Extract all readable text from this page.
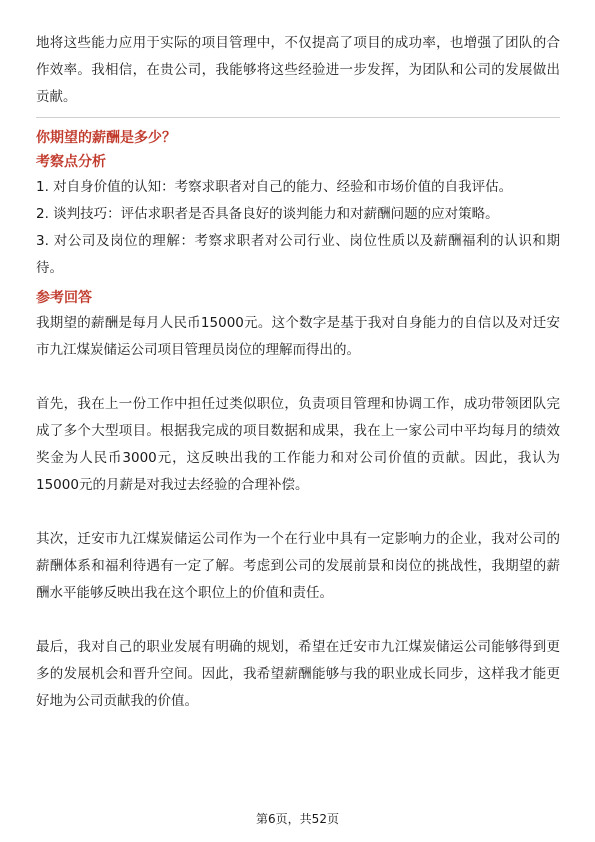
地将这些能力应用于实际的项目管理中，不仅提高了项目的成功率，也增强了团队的合作效率。我相信，在贵公司，我能够将这些经验进一步发挥，为团队和公司的发展做出贡献。

你期望的薪酬是多少？

考察点分析

1. 对自身价值的认知：考察求职者对自己的能力、经验和市场价值的自我评估。
2. 谈判技巧：评估求职者是否具备良好的谈判能力和对薪酬问题的应对策略。
3. 对公司及岗位的理解：考察求职者对公司行业、岗位性质以及薪酬福利的认识和期待。

参考回答

我期望的薪酬是每月人民币15000元。这个数字是基于我对自身能力的自信以及对迁安市九江煤炭储运公司项目管理员岗位的理解而得出的。

首先，我在上一份工作中担任过类似职位，负责项目管理和协调工作，成功带领团队完成了多个大型项目。根据我完成的项目数据和成果，我在上一家公司中平均每月的绩效奖金为人民币3000元，这反映出我的工作能力和对公司价值的贡献。因此，我认为15000元的月薪是对我过去经验的合理补偿。

其次，迁安市九江煤炭储运公司作为一个在行业中具有一定影响力的企业，我对公司的薪酬体系和福利待遇有一定了解。考虑到公司的发展前景和岗位的挑战性，我期望的薪酬水平能够反映出我在这个职位上的价值和责任。

最后，我对自己的职业发展有明确的规划，希望在迁安市九江煤炭储运公司能够得到更多的发展机会和晋升空间。因此，我希望薪酬能够与我的职业成长同步，这样我才能更好地为公司贡献我的价值。

第6页，共52页
